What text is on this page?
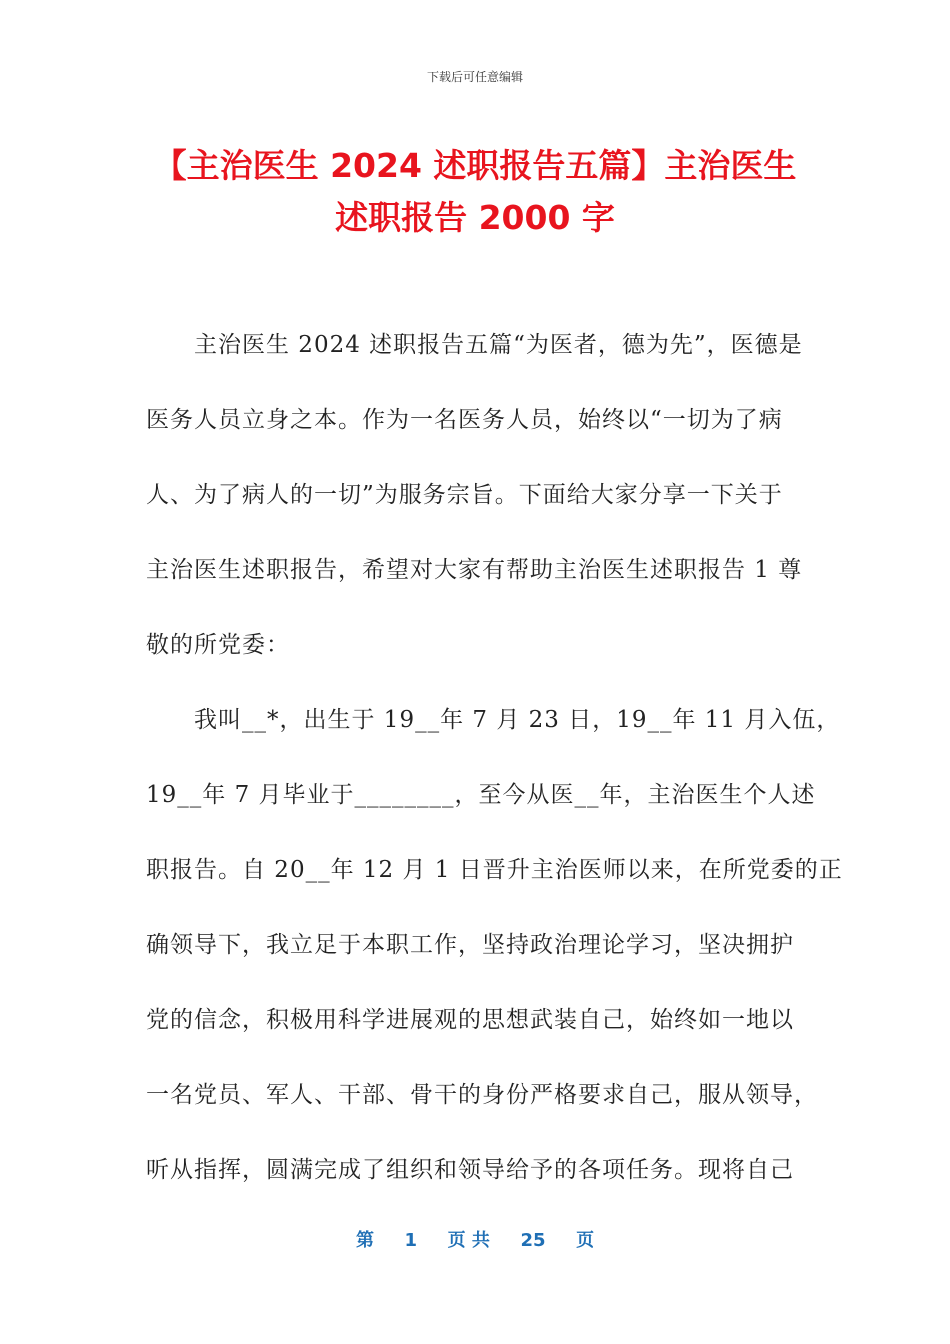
下载后可任意编辑
【主治医生 2024 述职报告五篇】主治医生
述职报告 2000 字
　　主治医生 2024 述职报告五篇“为医者，德为先”，医德是
医务人员立身之本。作为一名医务人员，始终以“一切为了病
人、为了病人的一切”为服务宗旨。下面给大家分享一下关于
主治医生述职报告，希望对大家有帮助主治医生述职报告 1 尊
敬的所党委：
　　我叫__*，出生于 19__年 7 月 23 日，19__年 11 月入伍，
19__年 7 月毕业于________，至今从医__年，主治医生个人述
职报告。自 20__年 12 月 1 日晋升主治医师以来，在所党委的正
确领导下，我立足于本职工作，坚持政治理论学习，坚决拥护
党的信念，积极用科学进展观的思想武装自己，始终如一地以
一名党员、军人、干部、骨干的身份严格要求自己，服从领导，
听从指挥，圆满完成了组织和领导给予的各项任务。现将自己
第 1 页 共 25 页
